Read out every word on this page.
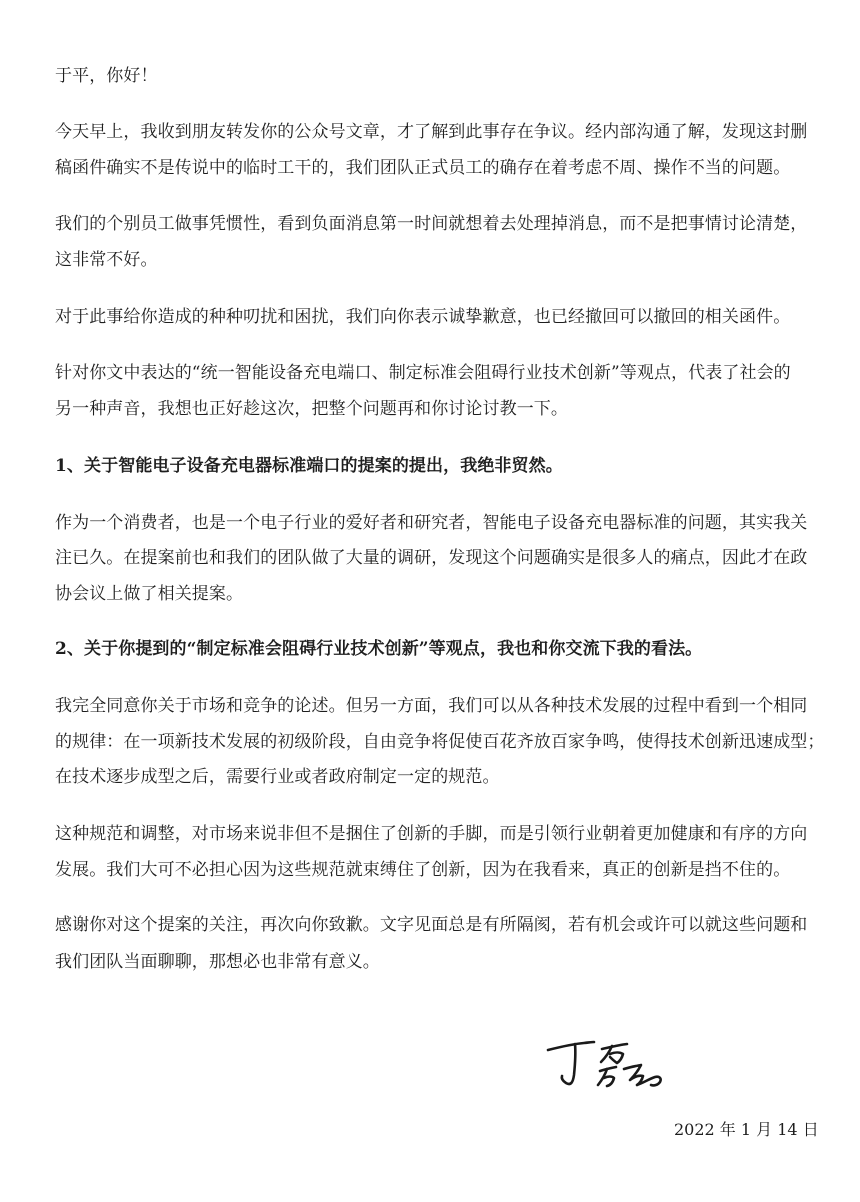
于平，你好！
今天早上，我收到朋友转发你的公众号文章，才了解到此事存在争议。经内部沟通了解，发现这封删
稿函件确实不是传说中的临时工干的，我们团队正式员工的确存在着考虑不周、操作不当的问题。
我们的个别员工做事凭惯性，看到负面消息第一时间就想着去处理掉消息，而不是把事情讨论清楚，
这非常不好。
对于此事给你造成的种种叨扰和困扰，我们向你表示诚挚歉意，也已经撤回可以撤回的相关函件。
针对你文中表达的“统一智能设备充电端口、制定标准会阻碍行业技术创新”等观点，代表了社会的
另一种声音，我想也正好趁这次，把整个问题再和你讨论讨教一下。
1、关于智能电子设备充电器标准端口的提案的提出，我绝非贸然。
作为一个消费者，也是一个电子行业的爱好者和研究者，智能电子设备充电器标准的问题，其实我关
注已久。在提案前也和我们的团队做了大量的调研，发现这个问题确实是很多人的痛点，因此才在政
协会议上做了相关提案。
2、关于你提到的“制定标准会阻碍行业技术创新”等观点，我也和你交流下我的看法。
我完全同意你关于市场和竞争的论述。但另一方面，我们可以从各种技术发展的过程中看到一个相同
的规律：在一项新技术发展的初级阶段，自由竞争将促使百花齐放百家争鸣，使得技术创新迅速成型；
在技术逐步成型之后，需要行业或者政府制定一定的规范。
这种规范和调整，对市场来说非但不是捆住了创新的手脚，而是引领行业朝着更加健康和有序的方向
发展。我们大可不必担心因为这些规范就束缚住了创新，因为在我看来，真正的创新是挡不住的。
感谢你对这个提案的关注，再次向你致歉。文字见面总是有所隔阂，若有机会或许可以就这些问题和
我们团队当面聊聊，那想必也非常有意义。
2022 年 1 月 14 日
